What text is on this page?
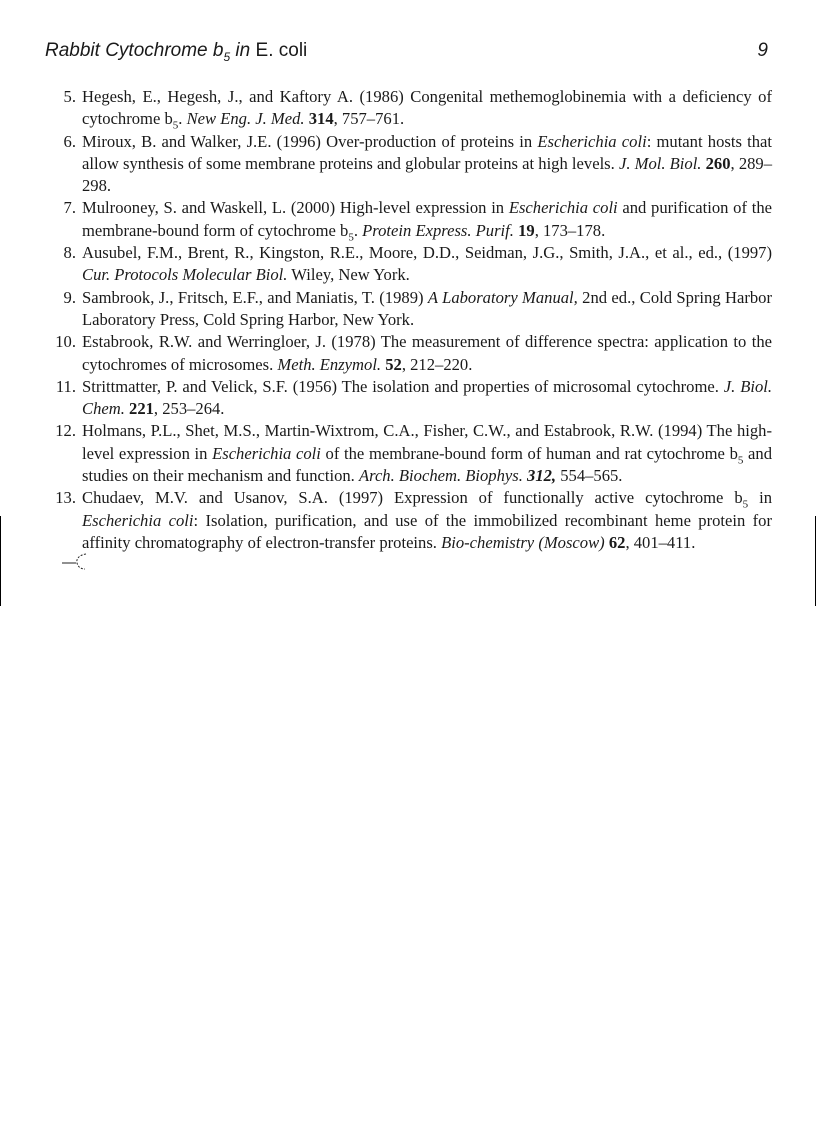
Rabbit Cytochrome $b_5$ in E. coli	9
5. Hegesh, E., Hegesh, J., and Kaftory A. (1986) Congenital methemoglobinemia with a deficiency of cytochrome $b_5$. New Eng. J. Med. 314, 757–761.
6. Miroux, B. and Walker, J.E. (1996) Over-production of proteins in Escherichia coli: mutant hosts that allow synthesis of some membrane proteins and globular proteins at high levels. J. Mol. Biol. 260, 289–298.
7. Mulrooney, S. and Waskell, L. (2000) High-level expression in Escherichia coli and purification of the membrane-bound form of cytochrome $b_5$. Protein Express. Purif. 19, 173–178.
8. Ausubel, F.M., Brent, R., Kingston, R.E., Moore, D.D., Seidman, J.G., Smith, J.A., et al., ed., (1997) Cur. Protocols Molecular Biol. Wiley, New York.
9. Sambrook, J., Fritsch, E.F., and Maniatis, T. (1989) A Laboratory Manual, 2nd ed., Cold Spring Harbor Laboratory Press, Cold Spring Harbor, New York.
10. Estabrook, R.W. and Werringloer, J. (1978) The measurement of difference spectra: application to the cytochromes of microsomes. Meth. Enzymol. 52, 212–220.
11. Strittmatter, P. and Velick, S.F. (1956) The isolation and properties of microsomal cytochrome. J. Biol. Chem. 221, 253–264.
12. Holmans, P.L., Shet, M.S., Martin-Wixtrom, C.A., Fisher, C.W., and Estabrook, R.W. (1994) The high-level expression in Escherichia coli of the membrane-bound form of human and rat cytochrome $b_5$ and studies on their mechanism and function. Arch. Biochem. Biophys. 312, 554–565.
13. Chudaev, M.V. and Usanov, S.A. (1997) Expression of functionally active cytochrome $b_5$ in Escherichia coli: Isolation, purification, and use of the immobilized recombinant heme protein for affinity chromatography of electron-transfer proteins. Bio-chemistry (Moscow) 62, 401–411.
